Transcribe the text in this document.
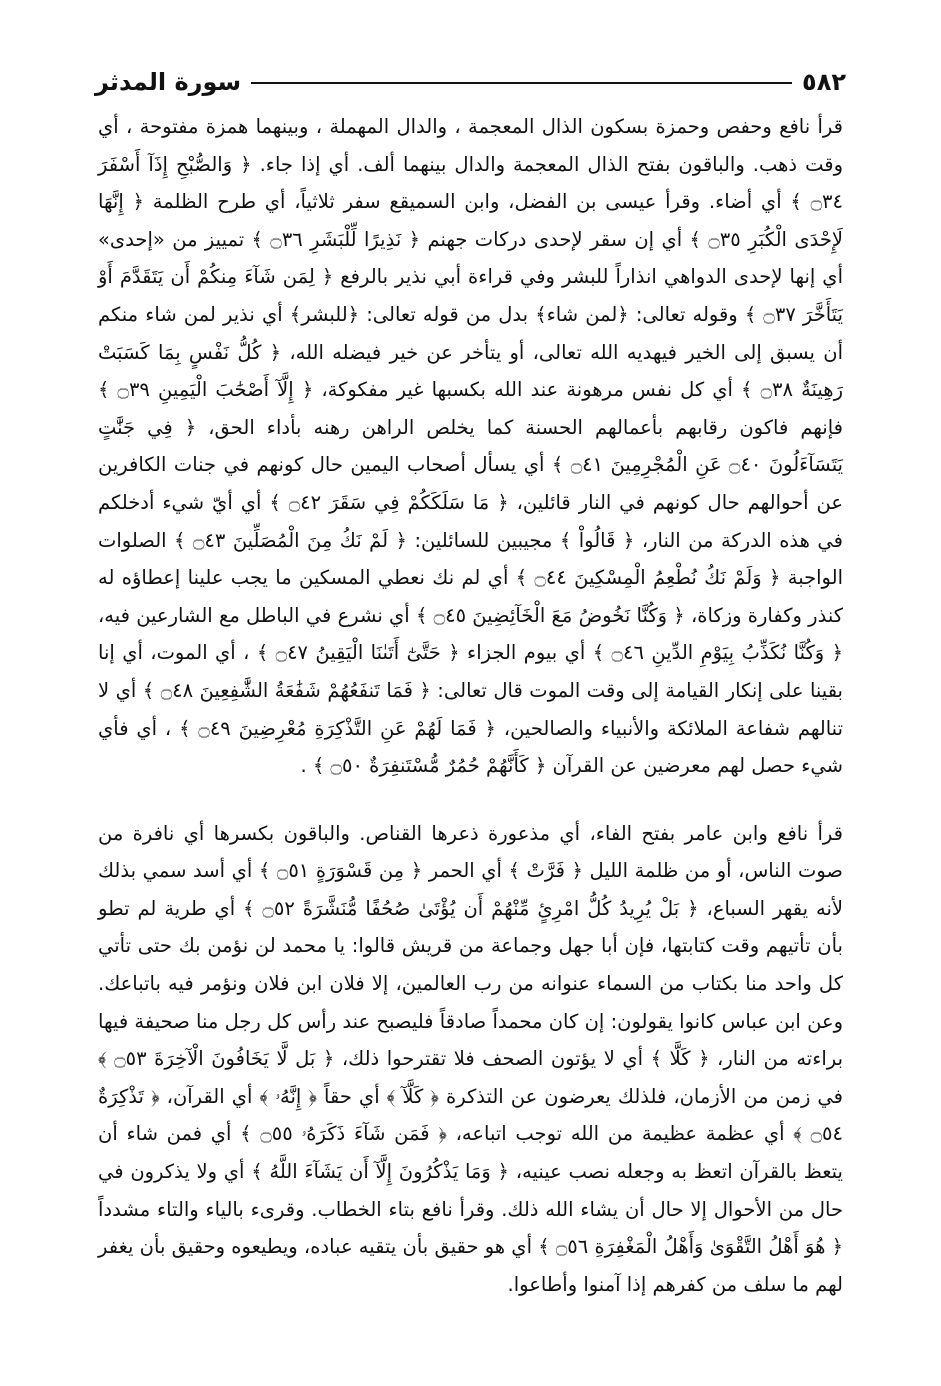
٥٨٢
سورة المدثر

قرأ نافع وحفص وحمزة بسكون الذال المعجمة ، والدال المهملة ، وبينهما همزة مفتوحة ، أي وقت ذهب. والباقون بفتح الذال المعجمة والدال بينهما ألف. أي إذا جاء. ﴿ وَالصُّبْحِ إِذَآ أَسْفَرَ ۝٣٤ ﴾ أي أضاء. وقرأ عيسى بن الفضل، وابن السميقع سفر ثلاثياً، أي طرح الظلمة ﴿ إِنَّهَا لَإِحْدَى الْكُبَرِ ۝٣٥ ﴾ أي إن سقر لإحدى دركات جهنم ﴿ نَذِيرًا لِّلْبَشَرِ ۝٣٦ ﴾ تمييز من «إحدى» أي إنها لإحدى الدواهي انذاراً للبشر وفي قراءة أبي نذير بالرفع ﴿ لِمَن شَآءَ مِنكُمْ أَن يَتَقَدَّمَ أَوْ يَتَأَخَّرَ ۝٣٧ ﴾ وقوله تعالى: ﴿لمن شاء﴾ بدل من قوله تعالى: ﴿للبشر﴾ أي نذير لمن شاء منكم أن يسبق إلى الخير فيهديه الله تعالى، أو يتأخر عن خير فيضله الله، ﴿ كُلُّ نَفْسٍ بِمَا كَسَبَتْ رَهِينَةٌ ۝٣٨ ﴾ أي كل نفس مرهونة عند الله بكسبها غير مفكوكة، ﴿ إِلَّآ أَصْحَٰبَ الْيَمِينِ ۝٣٩ ﴾ فإنهم فاكون رقابهم بأعمالهم الحسنة كما يخلص الراهن رهنه بأداء الحق، ﴿ فِي جَنَّٰتٍ يَتَسَآءَلُونَ ۝٤٠ عَنِ الْمُجْرِمِينَ ۝٤١ ﴾ أي يسأل أصحاب اليمين حال كونهم في جنات الكافرين عن أحوالهم حال كونهم في النار قائلين، ﴿ مَا سَلَكَكُمْ فِي سَقَرَ ۝٤٢ ﴾ أي أيّ شيء أدخلكم في هذه الدركة من النار، ﴿ قَالُواْ ﴾ مجيبين للسائلين: ﴿ لَمْ نَكُ مِنَ الْمُصَلِّينَ ۝٤٣ ﴾ الصلوات الواجبة ﴿ وَلَمْ نَكُ نُطْعِمُ الْمِسْكِينَ ۝٤٤ ﴾ أي لم نك نعطي المسكين ما يجب علينا إعطاؤه له كنذر وكفارة وزكاة، ﴿ وَكُنَّا نَخُوضُ مَعَ الْخَآئِضِينَ ۝٤٥ ﴾ أي نشرع في الباطل مع الشارعين فيه، ﴿ وَكُنَّا نُكَذِّبُ بِيَوْمِ الدِّينِ ۝٤٦ ﴾ أي بيوم الجزاء ﴿ حَتَّىٰٓ أَتَىٰنَا الْيَقِينُ ۝٤٧ ﴾ ، أي الموت، أي إنا بقينا على إنكار القيامة إلى وقت الموت قال تعالى: ﴿ فَمَا تَنفَعُهُمْ شَفَٰعَةُ الشَّٰفِعِينَ ۝٤٨ ﴾ أي لا تنالهم شفاعة الملائكة والأنبياء والصالحين، ﴿ فَمَا لَهُمْ عَنِ التَّذْكِرَةِ مُعْرِضِينَ ۝٤٩ ﴾ ، أي فأي شيء حصل لهم معرضين عن القرآن ﴿ كَأَنَّهُمْ حُمُرٌ مُّسْتَنفِرَةٌ ۝٥٠ ﴾ .

قرأ نافع وابن عامر بفتح الفاء، أي مذعورة ذعرها القناص. والباقون بكسرها أي نافرة من صوت الناس، أو من ظلمة الليل ﴿ فَرَّتْ ﴾ أي الحمر ﴿ مِن قَسْوَرَةٍ ۝٥١ ﴾ أي أسد سمي بذلك لأنه يقهر السباع، ﴿ بَلْ يُرِيدُ كُلُّ امْرِئٍ مِّنْهُمْ أَن يُؤْتَىٰ صُحُفًا مُّنَشَّرَةً ۝٥٢ ﴾ أي طرية لم تطو بأن تأتيهم وقت كتابتها، فإن أبا جهل وجماعة من قريش قالوا: يا محمد لن نؤمن بك حتى تأتي كل واحد منا بكتاب من السماء عنوانه من رب العالمين، إلا فلان ابن فلان ونؤمر فيه باتباعك. وعن ابن عباس كانوا يقولون: إن كان محمداً صادقاً فليصبح عند رأس كل رجل منا صحيفة فيها براءته من النار، ﴿ كَلَّا ﴾ أي لا يؤتون الصحف فلا تقترحوا ذلك، ﴿ بَل لَّا يَخَافُونَ الْآخِرَةَ ۝٥٣ ﴾ في زمن من الأزمان، فلذلك يعرضون عن التذكرة ﴿ كَلَّآ ﴾ أي حقاً ﴿ إِنَّهُۥ ﴾ أي القرآن، ﴿ تَذْكِرَةٌ ۝٥٤ ﴾ أي عظمة عظيمة من الله توجب اتباعه، ﴿ فَمَن شَآءَ ذَكَرَهُۥ ۝٥٥ ﴾ أي فمن شاء أن يتعظ بالقرآن اتعظ به وجعله نصب عينيه، ﴿ وَمَا يَذْكُرُونَ إِلَّآ أَن يَشَآءَ اللَّهُ ﴾ أي ولا يذكرون في حال من الأحوال إلا حال أن يشاء الله ذلك. وقرأ نافع بتاء الخطاب. وقرىء بالياء والتاء مشدداً ﴿ هُوَ أَهْلُ التَّقْوَىٰ وَأَهْلُ الْمَغْفِرَةِ ۝٥٦ ﴾ أي هو حقيق بأن يتقيه عباده، ويطيعوه وحقيق بأن يغفر لهم ما سلف من كفرهم إذا آمنوا وأطاعوا.
